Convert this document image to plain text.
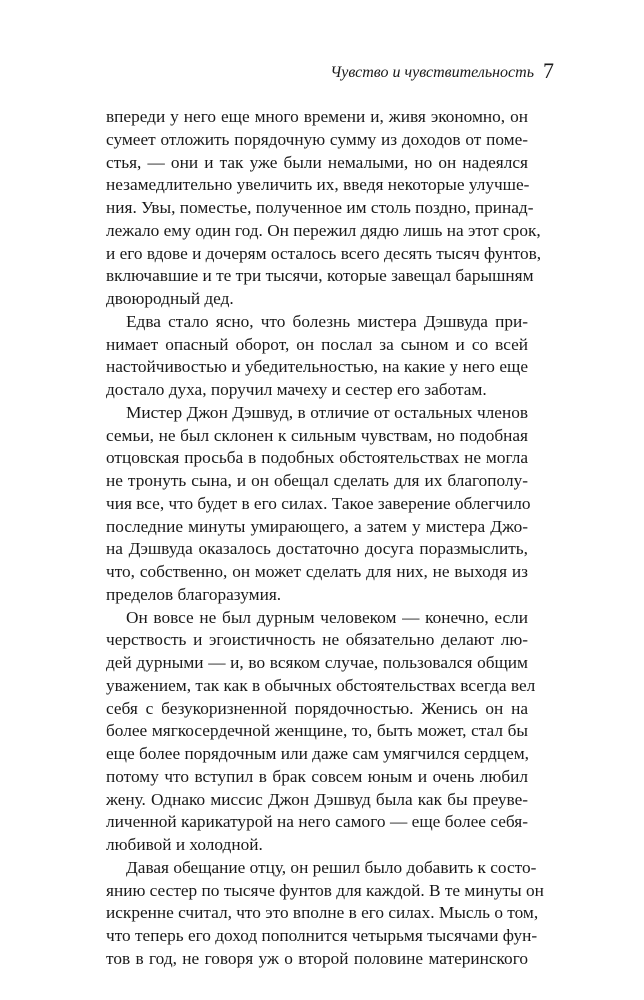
Чувство и чувствительность 7
впереди у него еще много времени и, живя экономно, он
сумеет отложить порядочную сумму из доходов от поме-
стья, — они и так уже были немалыми, но он надеялся
незамедлительно увеличить их, введя некоторые улучше-
ния. Увы, поместье, полученное им столь поздно, принад-
лежало ему один год. Он пережил дядю лишь на этот срок,
и его вдове и дочерям осталось всего десять тысяч фунтов,
включавшие и те три тысячи, которые завещал барышням
двоюродный дед.
Едва стало ясно, что болезнь мистера Дэшвуда при-
нимает опасный оборот, он послал за сыном и со всей
настойчивостью и убедительностью, на какие у него еще
достало духа, поручил мачеху и сестер его заботам.
Мистер Джон Дэшвуд, в отличие от остальных членов
семьи, не был склонен к сильным чувствам, но подобная
отцовская просьба в подобных обстоятельствах не могла
не тронуть сына, и он обещал сделать для их благополу-
чия все, что будет в его силах. Такое заверение облегчило
последние минуты умирающего, а затем у мистера Джо-
на Дэшвуда оказалось достаточно досуга поразмыслить,
что, собственно, он может сделать для них, не выходя из
пределов благоразумия.
Он вовсе не был дурным человеком — конечно, если
черствость и эгоистичность не обязательно делают лю-
дей дурными — и, во всяком случае, пользовался общим
уважением, так как в обычных обстоятельствах всегда вел
себя с безукоризненной порядочностью. Женись он на
более мягкосердечной женщине, то, быть может, стал бы
еще более порядочным или даже сам умягчился сердцем,
потому что вступил в брак совсем юным и очень любил
жену. Однако миссис Джон Дэшвуд была как бы преуве-
личенной карикатурой на него самого — еще более себя-
любивой и холодной.
Давая обещание отцу, он решил было добавить к состо-
янию сестер по тысяче фунтов для каждой. В те минуты он
искренне считал, что это вполне в его силах. Мысль о том,
что теперь его доход пополнится четырьмя тысячами фун-
тов в год, не говоря уж о второй половине материнского
